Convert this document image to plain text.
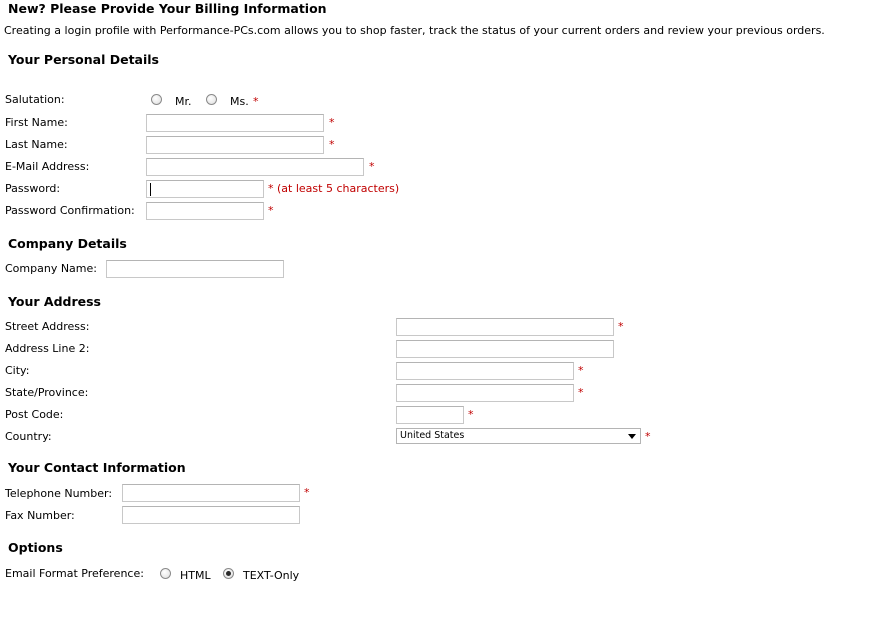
New? Please Provide Your Billing Information
Creating a login profile with Performance-PCs.com allows you to shop faster, track the status of your current orders and review your previous orders.
Your Personal Details
Salutation:	Mr.	Ms. *
First Name:	*
Last Name:	*
E-Mail Address:	*
Password:	* (at least 5 characters)
Password Confirmation:	*
Company Details
Company Name:
Your Address
Street Address:	*
Address Line 2:
City:	*
State/Province:	*
Post Code:	*
Country:	United States	*
Your Contact Information
Telephone Number:	*
Fax Number:
Options
Email Format Preference:	HTML	TEXT-Only
